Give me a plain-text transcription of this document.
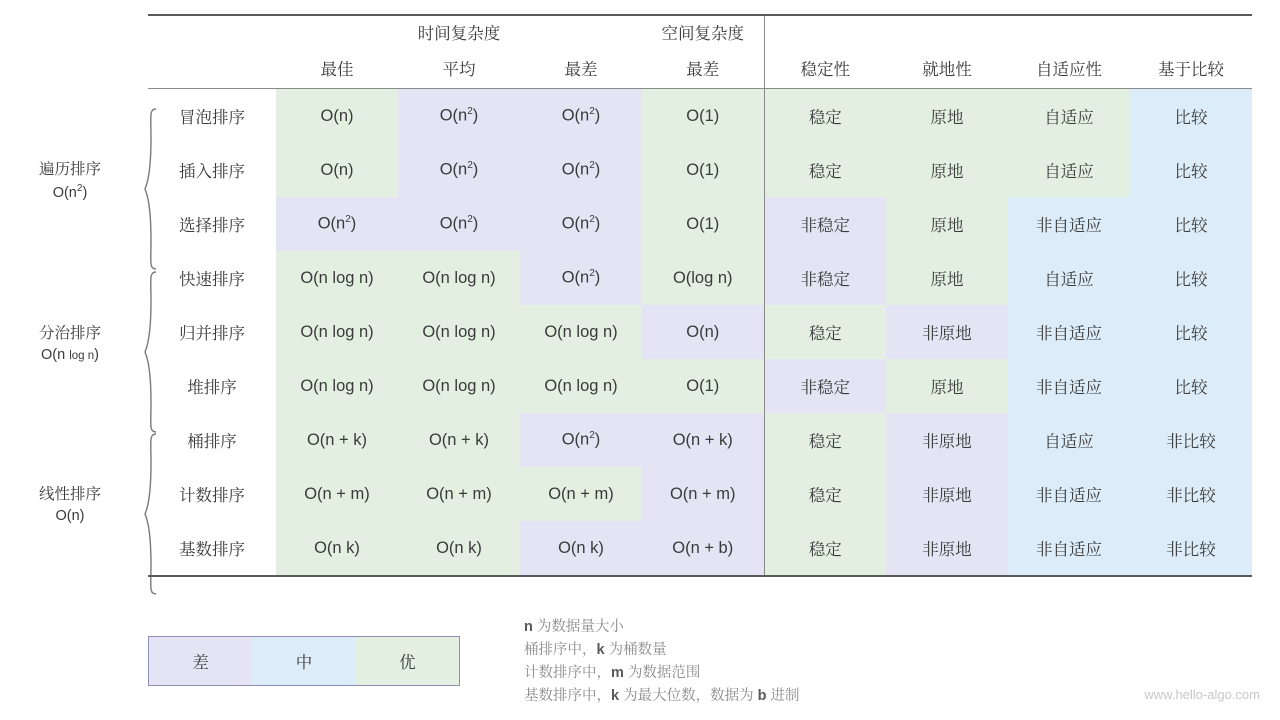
遍历排序
$O(n^2)$
分治排序
O(n log n)
线性排序
O(n)
	时间复杂度			空间复杂度				
	最佳	平均	最差	最差	稳定性	就地性	自适应性	基于比较
冒泡排序	O(n)	$O(n^2)$	$O(n^2)$	O(1)	稳定	原地	自适应	比较
插入排序	O(n)	$O(n^2)$	$O(n^2)$	O(1)	稳定	原地	自适应	比较
选择排序	$O(n^2)$	$O(n^2)$	$O(n^2)$	O(1)	非稳定	原地	非自适应	比较
快速排序	O(n log n)	O(n log n)	$O(n^2)$	O(log n)	非稳定	原地	自适应	比较
归并排序	O(n log n)	O(n log n)	O(n log n)	O(n)	稳定	非原地	非自适应	比较
堆排序	O(n log n)	O(n log n)	O(n log n)	O(1)	非稳定	原地	非自适应	比较
桶排序	O(n + k)	O(n + k)	$O(n^2)$	O(n + k)	稳定	非原地	自适应	非比较
计数排序	O(n + m)	O(n + m)	O(n + m)	O(n + m)	稳定	非原地	非自适应	非比较
基数排序	O(n k)	O(n k)	O(n k)	O(n + b)	稳定	非原地	非自适应	非比较
差	中	优
n 为数据量大小
桶排序中，k 为桶数量
计数排序中，m 为数据范围
基数排序中，k 为最大位数，数据为 b 进制	www.hello-algo.com
